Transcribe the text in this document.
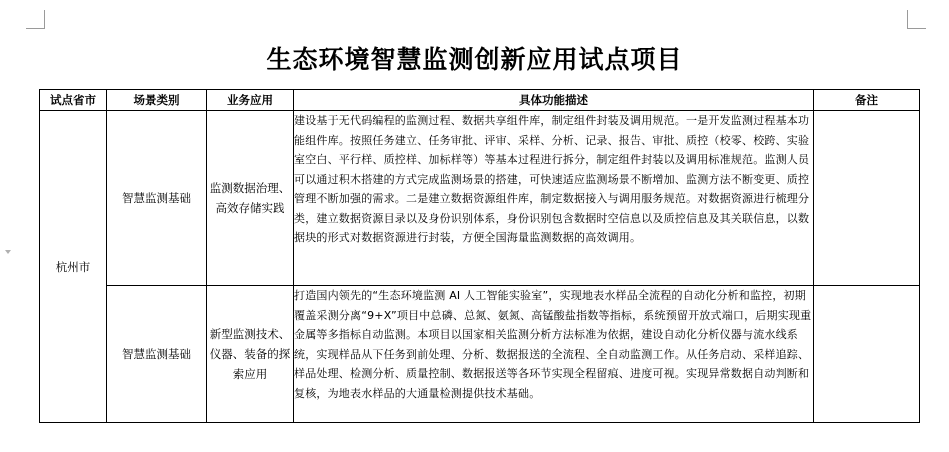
生态环境智慧监测创新应用试点项目
试点省市	场景类别	业务应用	具体功能描述	备注
杭州市	智慧监测基础	监测数据治理、高效存储实践	建设基于无代码编程的监测过程、数据共享组件库，制定组件封装及调用规范。一是开发监测过程基本功能组件库。按照任务建立、任务审批、评审、采样、分析、记录、报告、审批、质控（校零、校跨、实验室空白、平行样、质控样、加标样等）等基本过程进行拆分，制定组件封装以及调用标准规范。监测人员可以通过积木搭建的方式完成监测场景的搭建，可快速适应监测场景不断增加、监测方法不断变更、质控管理不断加强的需求。二是建立数据资源组件库，制定数据接入与调用服务规范。对数据资源进行梳理分类，建立数据资源目录以及身份识别体系，身份识别包含数据时空信息以及质控信息及其关联信息，以数据块的形式对数据资源进行封装，方便全国海量监测数据的高效调用。	
	智慧监测基础	新型监测技术、仪器、装备的探索应用	打造国内领先的“生态环境监测 AI 人工智能实验室”，实现地表水样品全流程的自动化分析和监控，初期覆盖采测分离“9+X”项目中总磷、总氮、氨氮、高锰酸盐指数等指标，系统预留开放式端口，后期实现重金属等多指标自动监测。本项目以国家相关监测分析方法标准为依据，建设自动化分析仪器与流水线系统，实现样品从下任务到前处理、分析、数据报送的全流程、全自动监测工作。从任务启动、采样追踪、样品处理、检测分析、质量控制、数据报送等各环节实现全程留痕、进度可视。实现异常数据自动判断和复核，为地表水样品的大通量检测提供技术基础。	
